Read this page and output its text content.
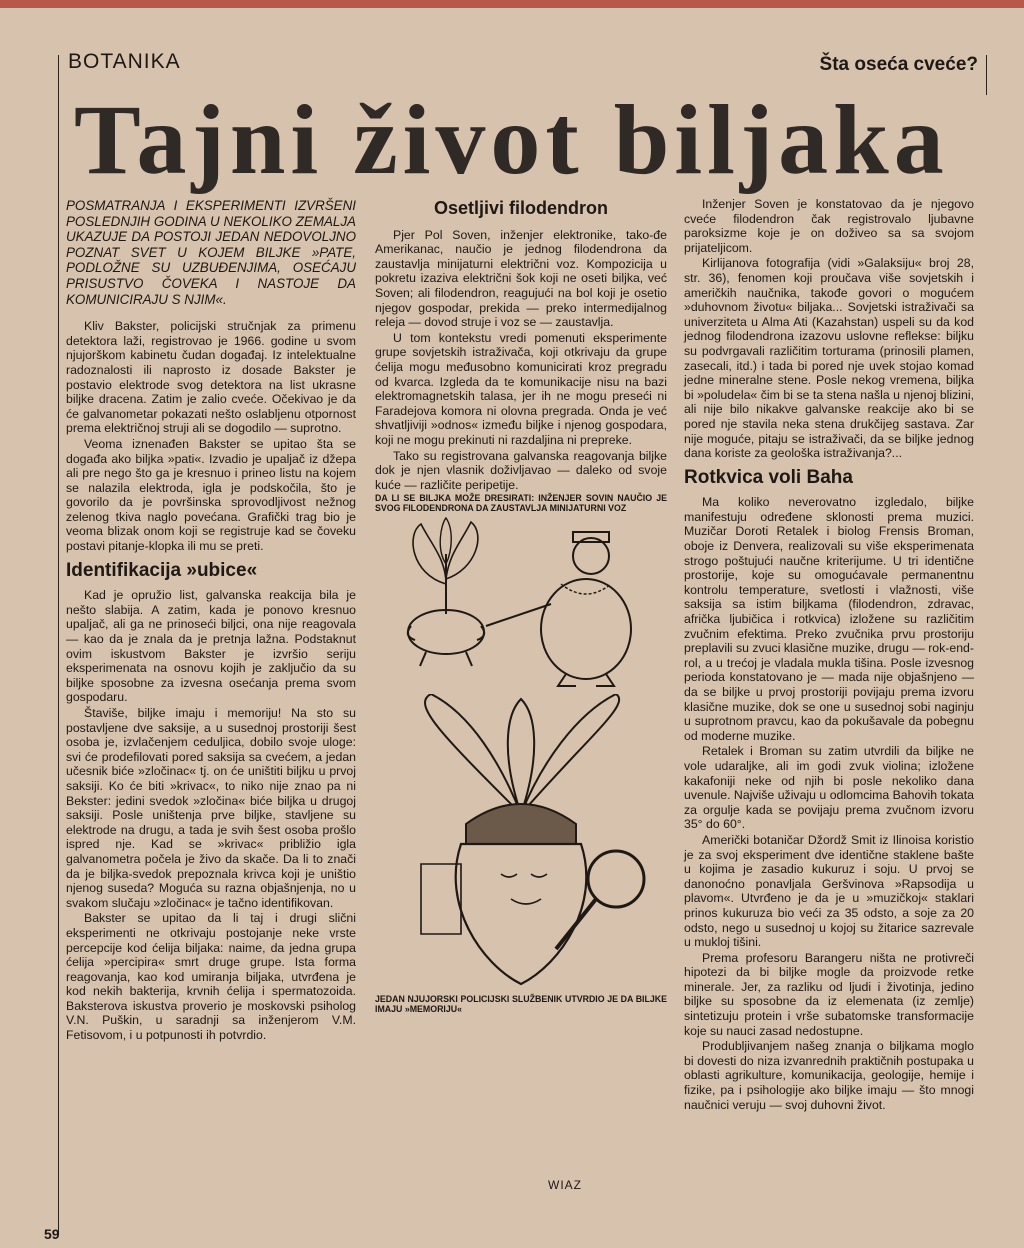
BOTANIKA	Šta oseća cveće?
Tajni život biljaka

POSMATRANJA I EKSPERIMENTI IZVRŠENI POSLEDNJIH GODINA U NEKOLIKO ZEMALJA UKAZUJE DA POSTOJI JEDAN NEDOVOLJNO POZNAT SVET U KOJEM BILJKE »PATE, PODLOŽNE SU UZBUĐENJIMA, OSEĆAJU PRISUSTVO ČOVEKA I NASTOJE DA KOMUNICIRAJU S NJIM«.

Kliv Bakster, policijski stručnjak za primenu detektora laži, registrovao je 1966. godine u svom njujorškom kabinetu čudan događaj. Iz intelektualne radoznalosti ili naprosto iz dosade Bakster je postavio elektrode svog detektora na list ukrasne biljke dracena. Zatim je zalio cveće. Očekivao je da će galvanometar pokazati nešto oslabljenu otpornost prema električnoj struji ali se dogodilo — suprotno.

Veoma iznenađen Bakster se upitao šta se događa ako biljka »pati«. Izvadio je upaljač iz džepa ali pre nego što ga je kresnuo i prineo listu na kojem se nalazila elektroda, igla je podskočila, što je govorilo da je površinska sprovodljivost nežnog zelenog tkiva naglo povećana. Grafički trag bio je veoma blizak onom koji se registruje kad se čoveku postavi pitanje-klopka ili mu se preti.

Identifikacija »ubice«

Kad je opružio list, galvanska reakcija bila je nešto slabija. A zatim, kada je ponovo kresnuo upaljač, ali ga ne prinoseći biljci, ona nije reagovala — kao da je znala da je pretnja lažna. Podstaknut ovim iskustvom Bakster je izvršio seriju eksperimenata na osnovu kojih je zaključio da su biljke sposobne za izvesna osećanja prema svom gospodaru.

Štaviše, biljke imaju i memoriju! Na sto su postavljene dve saksije, a u susednoj prostoriji šest osoba je, izvlačenjem ceduljica, dobilo svoje uloge: svi će prodefilovati pored saksija sa cvećem, a jedan učesnik biće »zločinac« tj. on će uništiti biljku u prvoj saksiji. Ko će biti »krivac«, to niko nije znao pa ni Bekster: jedini svedok »zločina« biće biljka u drugoj saksiji. Posle uništenja prve biljke, stavljene su elektrode na drugu, a tada je svih šest osoba prošlo ispred nje. Kad se »krivac« približio igla galvanometra počela je živo da skače. Da li to znači da je biljka-svedok prepoznala krivca koji je uništio njenog suseda? Moguća su razna objašnjenja, no u svakom slučaju »zločinac« je tačno identifikovan.

Bakster se upitao da li taj i drugi slični eksperimenti ne otkrivaju postojanje neke vrste percepcije kod ćelija biljaka: naime, da jedna grupa ćelija »percipira« smrt druge grupe. Ista forma reagovanja, kao kod umiranja biljaka, utvrđena je kod nekih bakterija, krvnih ćelija i spermatozoida. Baksterova iskustva proverio je moskovski psiholog V.N. Puškin, u saradnji sa inženjerom V.M. Fetisovom, i u potpunosti ih potvrdio.

Osetljivi filodendron

Pjer Pol Soven, inženjer elektronike, tako-đe Amerikanac, naučio je jednog filodendrona da zaustavlja minijaturni električni voz. Kompozicija u pokretu izaziva električni šok koji ne oseti biljka, već Soven; ali filodendron, reagujući na bol koji je osetio njegov gospodar, prekida — preko intermedijalnog releja — dovod struje i voz se — zaustavlja.

U tom kontekstu vredi pomenuti eksperimente grupe sovjetskih istraživača, koji otkrivaju da grupe ćelija mogu međusobno komunicirati kroz pregradu od kvarca. Izgleda da te komunikacije nisu na bazi elektromagnetskih talasa, jer ih ne mogu preseći ni Faradejova komora ni olovna pregrada. Onda je već shvatljiviji »odnos« između biljke i njenog gospodara, koji ne mogu prekinuti ni razdaljina ni prepreke.

Tako su registrovana galvanska reagovanja biljke dok je njen vlasnik doživljavao — daleko od svoje kuće — različite peripetije.

DA LI SE BILJKA MOŽE DRESIRATI: INŽENJER SOVIN NAUČIO JE SVOG FILODENDRONA DA ZAUSTAVLJA MINIJATURNI VOZ

JEDAN NJUJORSKI POLICIJSKI SLUŽBENIK UTVRDIO JE DA BILJKE IMAJU »MEMORIJU«

WIAZ

Inženjer Soven je konstatovao da je njegovo cveće filodendron čak registrovalo ljubavne paroksizme koje je on doživeo sa sa svojom prijateljicom.

Kirlijanova fotografija (vidi »Galaksiju« broj 28, str. 36), fenomen koji proučava više sovjetskih i američkih naučnika, takođe govori o mogućem »duhovnom životu« biljaka... Sovjetski istraživači sa univerziteta u Alma Ati (Kazahstan) uspeli su da kod jednog filodendrona izazovu uslovne reflekse: biljku su podvrgavali različitim torturama (prinosili plamen, zasecali, itd.) i tada bi pored nje uvek stojao komad jedne mineralne stene. Posle nekog vremena, biljka bi »poludela« čim bi se ta stena našla u njenoj blizini, ali nije bilo nikakve galvanske reakcije ako bi se pored nje stavila neka stena drukčijeg sastava. Zar nije moguće, pitaju se istraživači, da se biljke jednog dana koriste za geološka istraživanja?...

Rotkvica voli Baha

Ma koliko neverovatno izgledalo, biljke manifestuju određene sklonosti prema muzici. Muzičar Doroti Retalek i biolog Frensis Broman, oboje iz Denvera, realizovali su više eksperimenata strogo poštujući naučne kriterijume. U tri identične prostorije, koje su omogućavale permanentnu kontrolu temperature, svetlosti i vlažnosti, više saksija sa istim biljkama (filodendron, zdravac, afrička ljubičica i rotkvica) izložene su različitim zvučnim efektima. Preko zvučnika prvu prostoriju preplavili su zvuci klasične muzike, drugu — rok-end-rol, a u trećoj je vladala mukla tišina. Posle izvesnog perioda konstatovano je — mada nije objašnjeno — da se biljke u prvoj prostoriji povijaju prema izvoru klasične muzike, dok se one u susednoj sobi naginju u suprotnom pravcu, kao da pokušavale da pobegnu od moderne muzike.

Retalek i Broman su zatim utvrdili da biljke ne vole udaraljke, ali im godi zvuk violina; izložene kakafoniji neke od njih bi posle nekoliko dana uvenule. Najviše uživaju u odlomcima Bahovih tokata za orgulje kada se povijaju prema zvučnom izvoru 35° do 60°.

Američki botaničar Džordž Smit iz Ilinoisa koristio je za svoj eksperiment dve identične staklene bašte u kojima je zasadio kukuruz i soju. U prvoj se danonoćno ponavljala Geršvinova »Rapsodija u plavom«. Utvrđeno je da je u »muzičkoj« staklari prinos kukuruza bio veći za 35 odsto, a soje za 20 odsto, nego u susednoj u kojoj su žitarice sazrevale u mukloj tišini.

Prema profesoru Barangeru ništa ne protivreči hipotezi da bi biljke mogle da proizvode retke minerale. Jer, za razliku od ljudi i životinja, jedino biljke su sposobne da iz elemenata (iz zemlje) sintetizuju protein i vrše subatomske transformacije koje su nauci zasad nedostupne.

Produbljivanjem našeg znanja o biljkama moglo bi dovesti do niza izvanrednih praktičnih postupaka u oblasti agrikulture, komunikacija, geologije, hemije i fizike, pa i psihologije ako biljke imaju — što mnogi naučnici veruju — svoj duhovni život.

59
